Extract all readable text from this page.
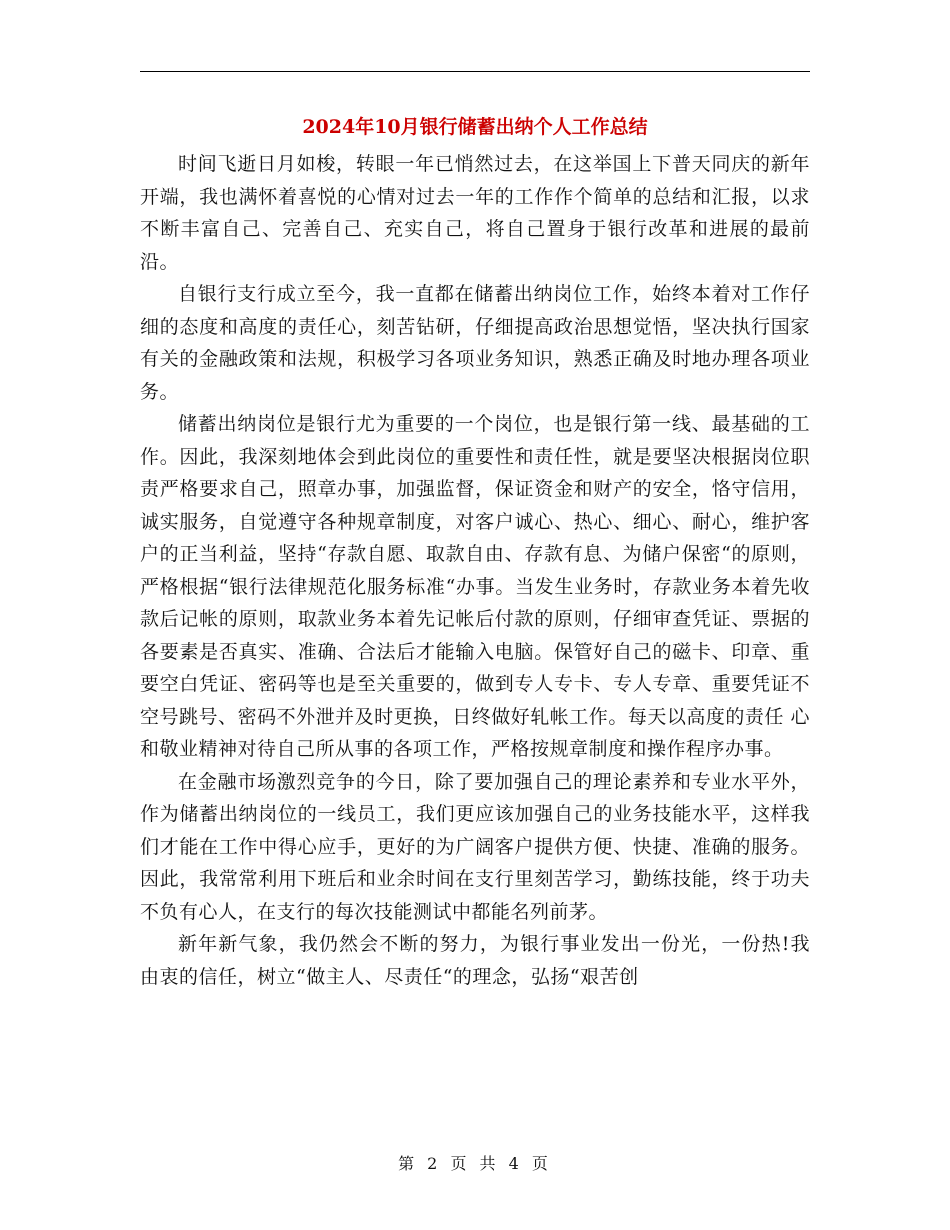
2024年10月银行储蓄出纳个人工作总结

时间飞逝日月如梭，转眼一年已悄然过去，在这举国上下普天同庆的新年开端，我也满怀着喜悦的心情对过去一年的工作作个简单的总结和汇报，以求不断丰富自己、完善自己、充实自己，将自己置身于银行改革和进展的最前沿。

自银行支行成立至今，我一直都在储蓄出纳岗位工作，始终本着对工作仔细的态度和高度的责任心，刻苦钻研，仔细提高政治思想觉悟，坚决执行国家有关的金融政策和法规，积极学习各项业务知识，熟悉正确及时地办理各项业务。

储蓄出纳岗位是银行尤为重要的一个岗位，也是银行第一线、最基础的工作。因此，我深刻地体会到此岗位的重要性和责任性，就是要坚决根据岗位职责严格要求自己，照章办事，加强监督，保证资金和财产的安全，恪守信用，诚实服务，自觉遵守各种规章制度，对客户诚心、热心、细心、耐心，维护客户的正当利益，坚持“存款自愿、取款自由、存款有息、为储户保密“的原则，严格根据“银行法律规范化服务标准“办事。当发生业务时，存款业务本着先收款后记帐的原则，取款业务本着先记帐后付款的原则，仔细审查凭证、票据的各要素是否真实、准确、合法后才能输入电脑。保管好自己的磁卡、印章、重要空白凭证、密码等也是至关重要的，做到专人专卡、专人专章、重要凭证不空号跳号、密码不外泄并及时更换，日终做好轧帐工作。每天以高度的责任 心和敬业精神对待自己所从事的各项工作，严格按规章制度和操作程序办事。

在金融市场激烈竞争的今日，除了要加强自己的理论素养和专业水平外，作为储蓄出纳岗位的一线员工，我们更应该加强自己的业务技能水平，这样我们才能在工作中得心应手，更好的为广阔客户提供方便、快捷、准确的服务。因此，我常常利用下班后和业余时间在支行里刻苦学习，勤练技能，终于功夫不负有心人，在支行的每次技能测试中都能名列前茅。

新年新气象，我仍然会不断的努力，为银行事业发出一份光，一份热!我由衷的信任，树立“做主人、尽责任“的理念，弘扬“艰苦创

第 2 页 共 4 页
